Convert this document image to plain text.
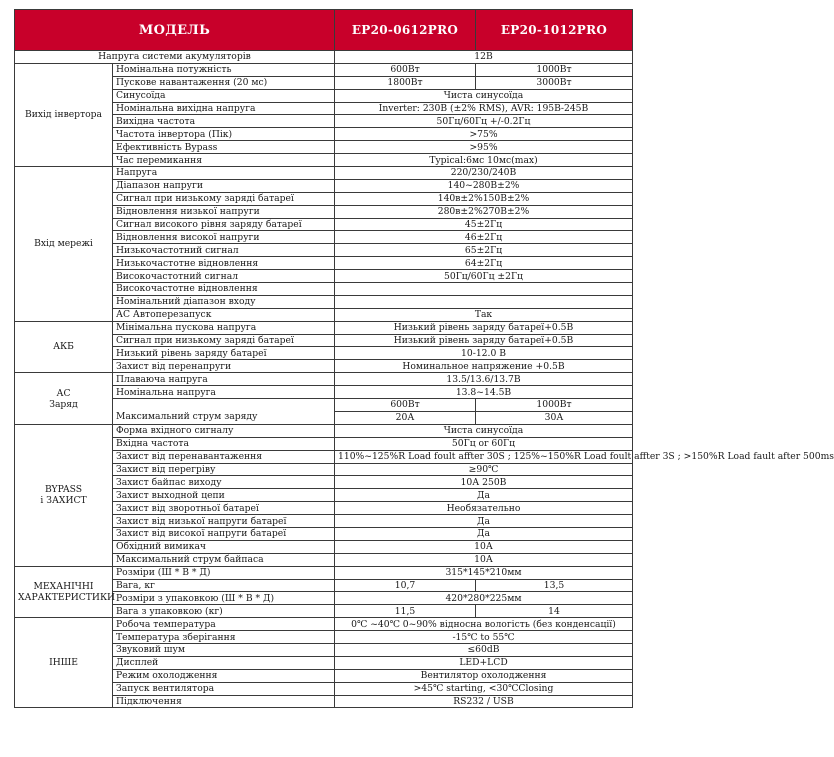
МОДЕЛЬ	EP20-0612PRO	EP20-1012PRO
Напруга системи акумуляторів	12В
Вихід інвертора	Номінальна потужність	600Вт	1000Вт
Пускове навантаження (20 мс)	1800Вт	3000Вт
Синусоїда	Чиста синусоїда
Номінальна вихідна напруга	Inverter: 230В (±2% RMS), AVR: 195В-245В
Вихідна частота	50Гц/60Гц +/-0.2Гц
Частота інвертора (Пік)	>75%
Ефективність Bypass	>95%
Час перемикання	Typical:6мс 10мс(max)
Вхід мережі	Напруга	220/230/240В
Діапазон напруги	140~280В±2%
Сигнал при низькому заряді батареї	140в±2%150В±2%
Відновлення низької напруги	280в±2%270В±2%
Сигнал високого рівня заряду батареї	45±2Гц
Відновлення високої напруги	46±2Гц
Низькочастотний сигнал	65±2Гц
Низькочастотне відновлення	64±2Гц
Високочастотний сигнал	50Гц/60Гц ±2Гц
Високочастотне відновлення	
Номінальний діапазон входу	
АС Автоперезапуск	Так
АКБ	Мінімальна пускова напруга	Низький рівень заряду батареї+0.5В
Сигнал при низькому заряді батареї	Низький рівень заряду батареї+0.5В
Низький рівень заряду батареї	10-12.0 В
Захист від перенапруги	Номинальное напряжение +0.5В

АС
Заряд
	Плаваюча напруга	13.5/13.6/13.7В
Номінальна напруга	13.8~14.5В
Максимальний струм заряду	600Вт	1000Вт
20А	30А

BYPASS
і ЗАХИСТ
	Форма вхідного сигналу	Чиста синусоїда
Вхідна частота	50Гц or 60Гц
Захист від перенавантаження	110%~125%R Load foult affter 30S ; 125%~150%R Load foult affter 3S ; >150%R Load fault after 500ms
Захист від перегріву	≥90℃
Захист байпас виходу	10А 250В
Захист выходной цепи	Да
Захист від зворотньої батареї	Необязательно
Захист від низької напруги батареї	Да
Захист від високої напруги батареї	Да
Обхідний вимикач	10А
Максимальний струм байпаса	10А

МЕХАНІЧНІ
ХАРАКТЕРИСТИКИ
	Розміри (Ш * В * Д)	315*145*210мм
Вага, кг	10,7	13,5
Розміри з упаковкою (Ш * В * Д)	420*280*225мм
Вага з упаковкою (кг)	11,5	14
ІНШЕ	Робоча температура	0℃ ~40℃ 0~90% відносна вологість (без конденсації)
Температура зберігання	-15℃ to 55℃
Звуковий шум	≤60dB
Дисплей	LED+LCD
Режим охолодження	Вентилятор охолодження
Запуск вентилятора	>45℃ starting, <30℃Closing
Підключення	RS232 / USB
